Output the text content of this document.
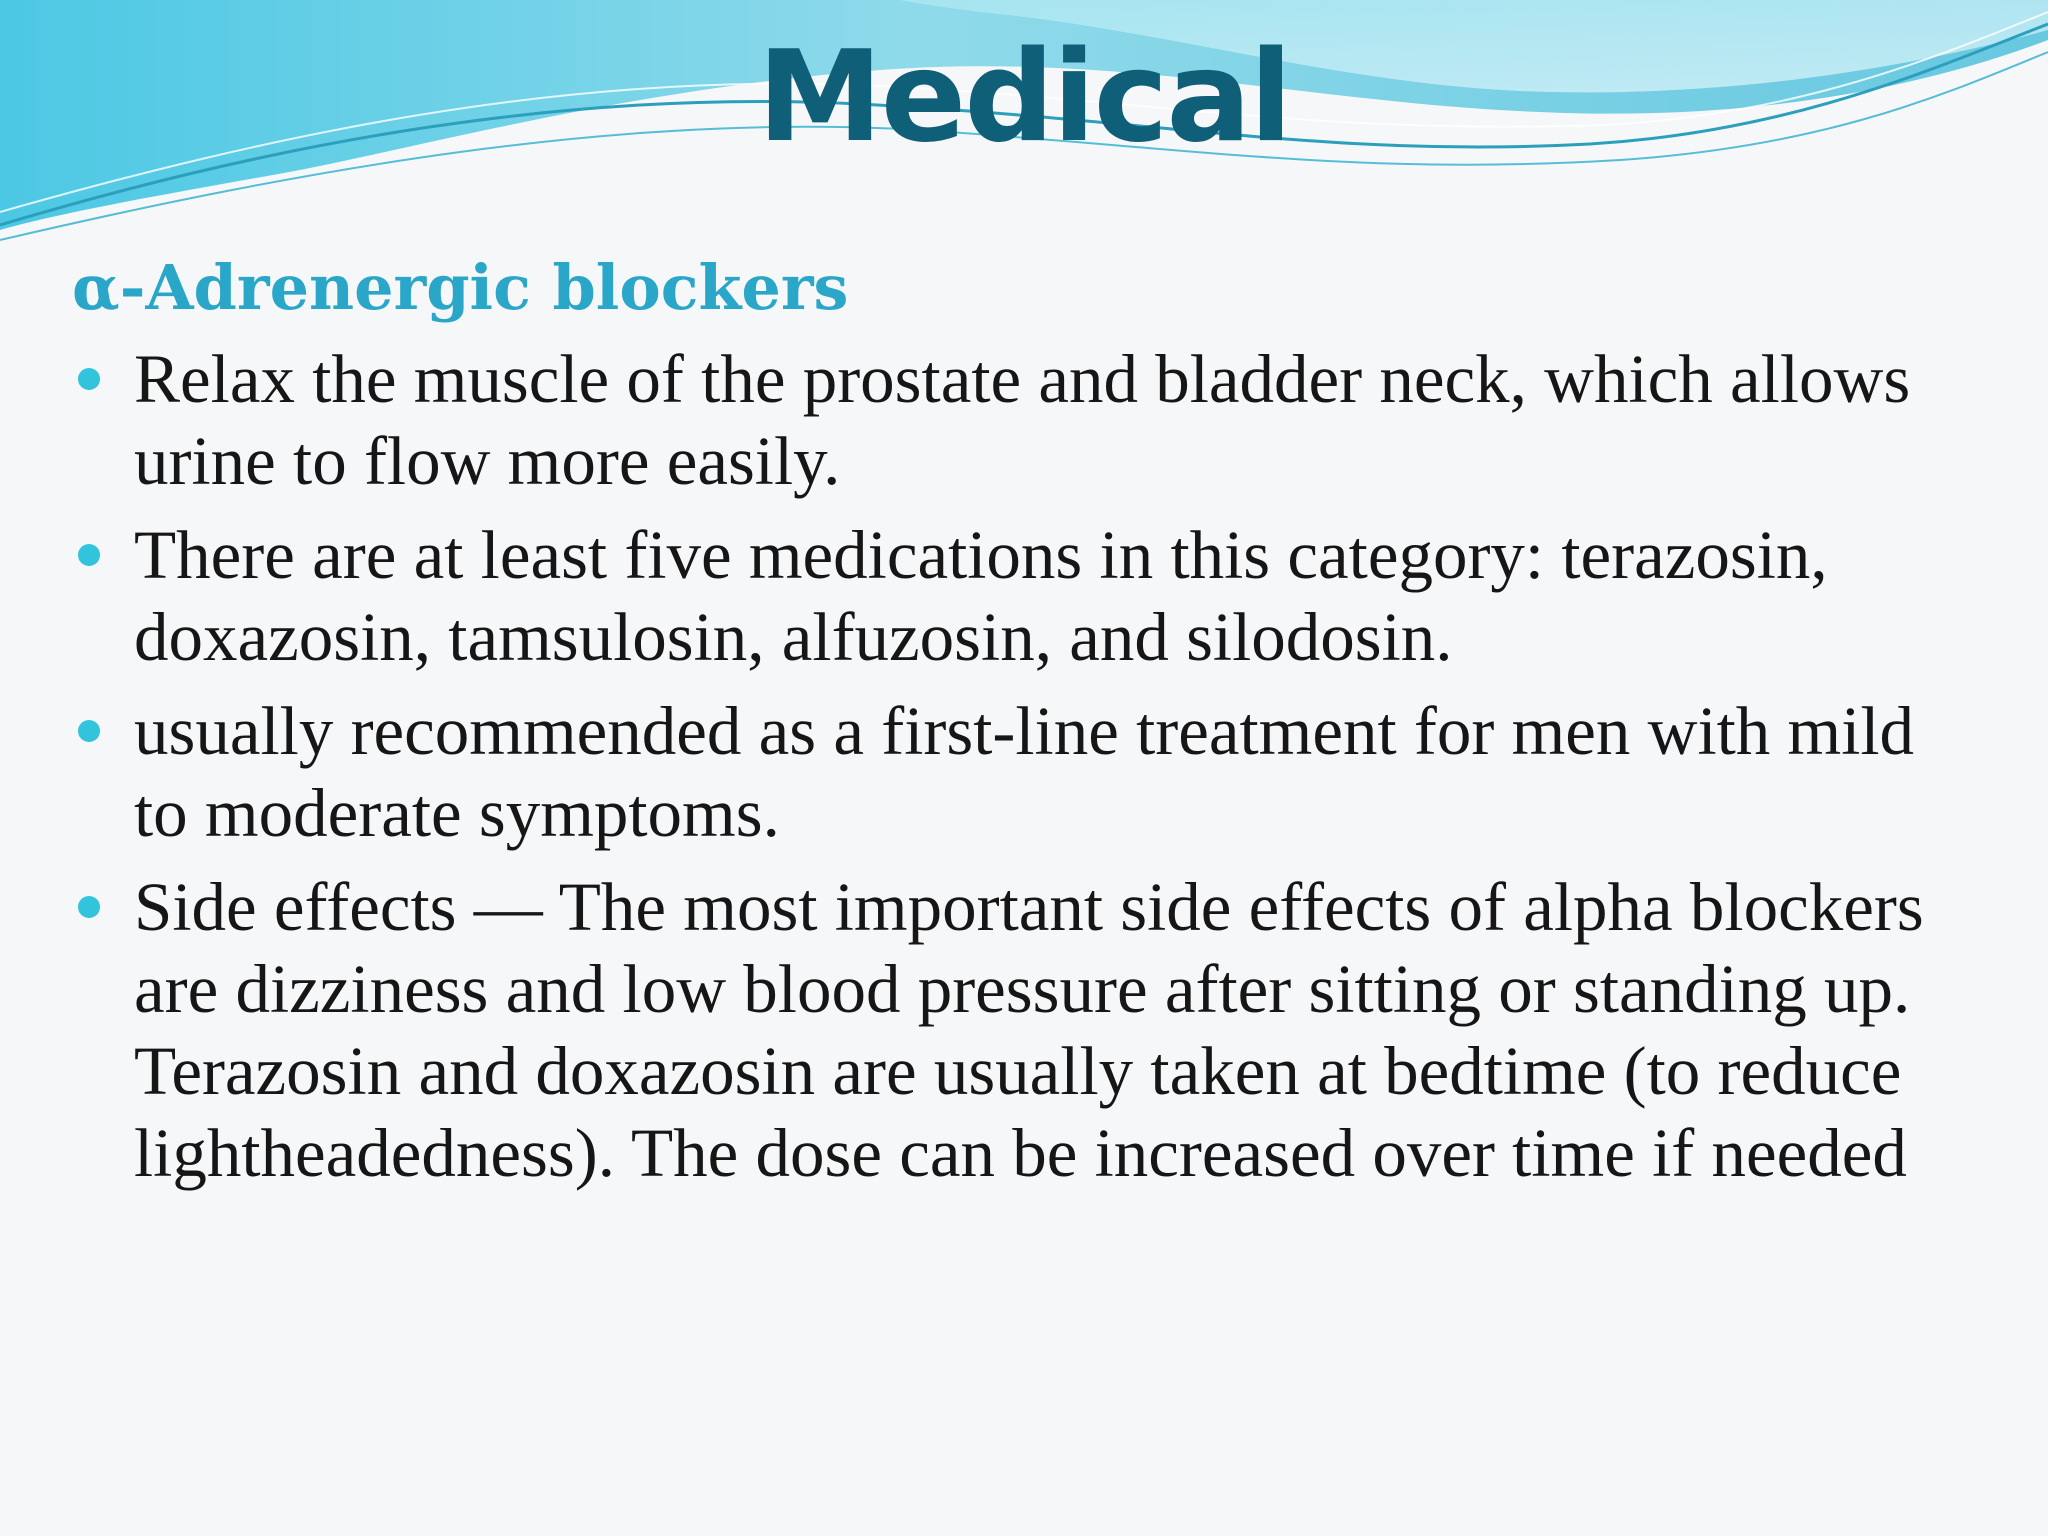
Medical
α-Adrenergic blockers
Relax the muscle of the prostate and bladder neck, which allows urine to flow more easily.
There are at least five medications in this category: terazosin, doxazosin, tamsulosin, alfuzosin, and silodosin.
usually recommended as a first-line treatment for men with mild to moderate symptoms.
Side effects — The most important side effects of alpha blockers are dizziness and low blood pressure after sitting or standing up. Terazosin and doxazosin are usually taken at bedtime (to reduce lightheadedness). The dose can be increased over time if needed
